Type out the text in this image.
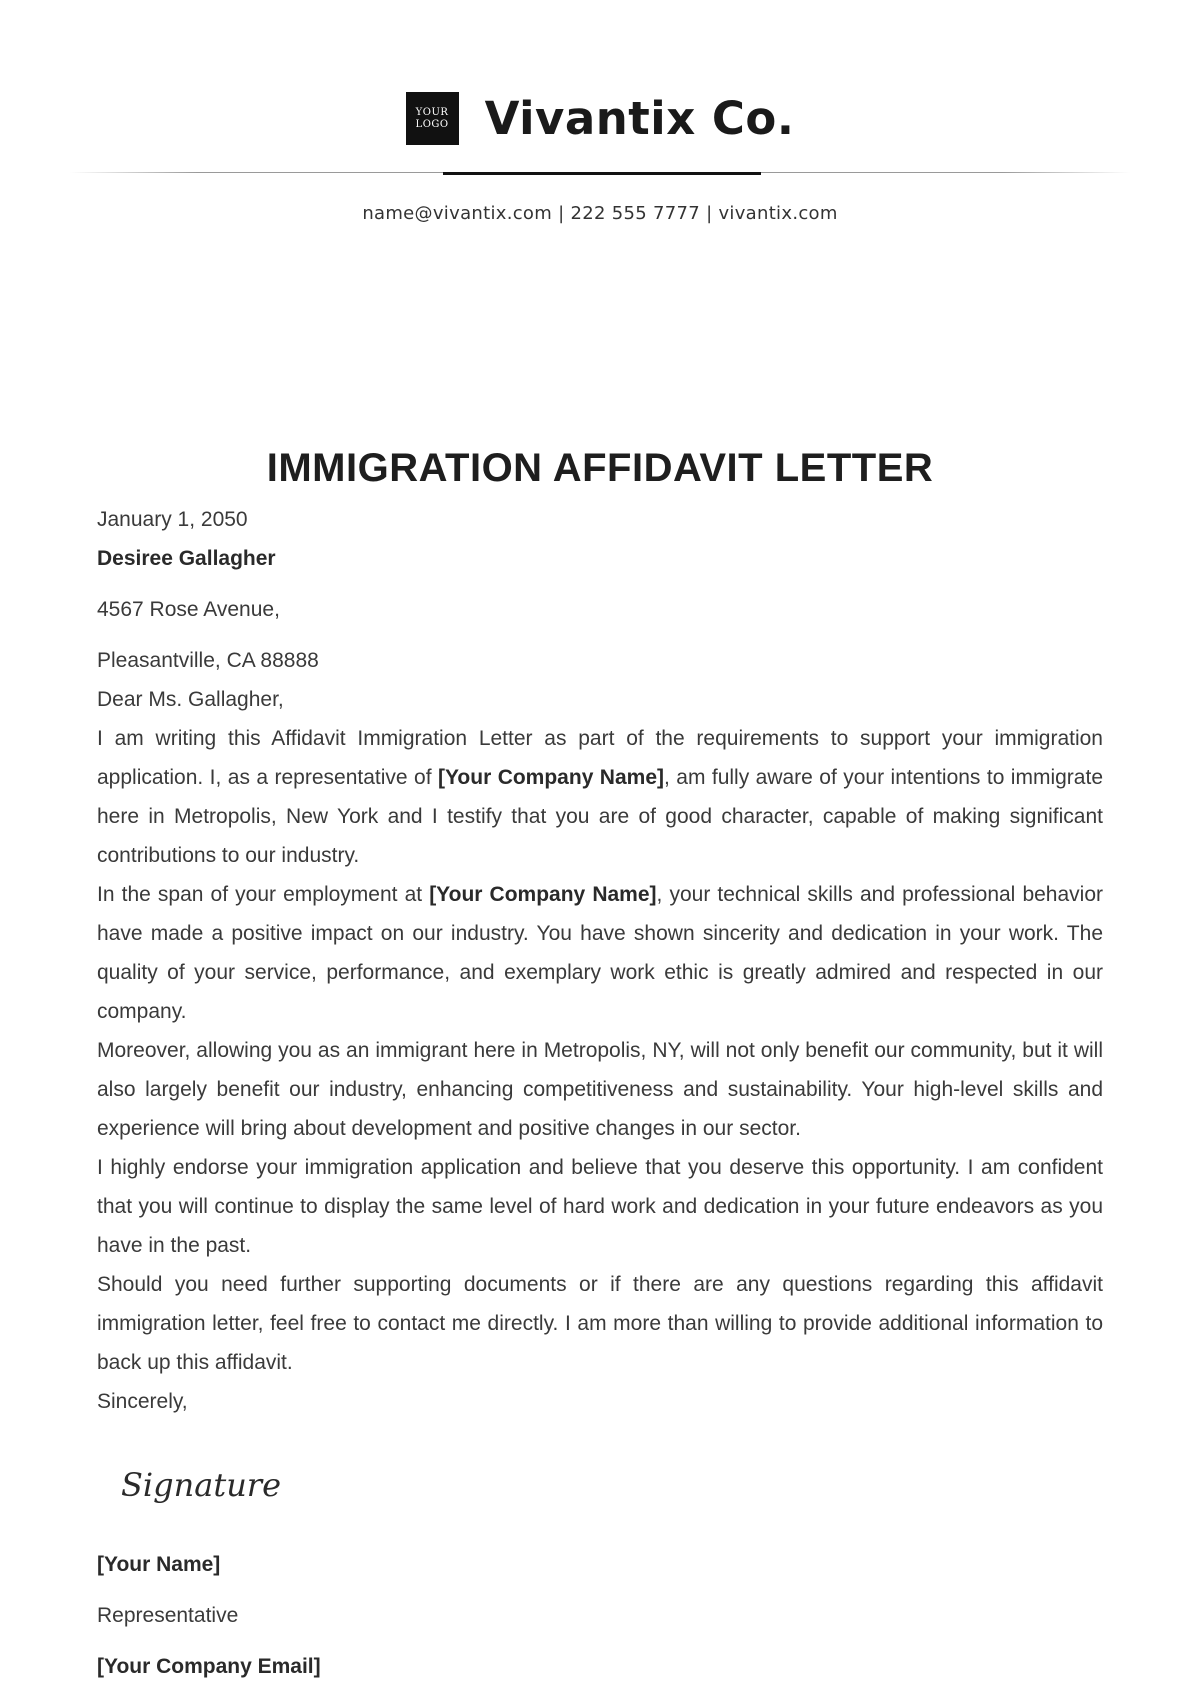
YOUR
LOGO Vivantix Co.
name@vivantix.com | 222 555 7777 | vivantix.com
IMMIGRATION AFFIDAVIT LETTER

January 1, 2050

Desiree Gallagher

4567 Rose Avenue,

Pleasantville, CA 88888

Dear Ms. Gallagher,

I am writing this Affidavit Immigration Letter as part of the requirements to support your immigration application. I, as a representative of [Your Company Name], am fully aware of your intentions to immigrate here in Metropolis, New York and I testify that you are of good character, capable of making significant contributions to our industry.

In the span of your employment at [Your Company Name], your technical skills and professional behavior have made a positive impact on our industry. You have shown sincerity and dedication in your work. The quality of your service, performance, and exemplary work ethic is greatly admired and respected in our company.

Moreover, allowing you as an immigrant here in Metropolis, NY, will not only benefit our community, but it will also largely benefit our industry, enhancing competitiveness and sustainability. Your high-level skills and experience will bring about development and positive changes in our sector.

I highly endorse your immigration application and believe that you deserve this opportunity. I am confident that you will continue to display the same level of hard work and dedication in your future endeavors as you have in the past.

Should you need further supporting documents or if there are any questions regarding this affidavit immigration letter, feel free to contact me directly. I am more than willing to provide additional information to back up this affidavit.

Sincerely,

Signature

[Your Name]

Representative

[Your Company Email]
